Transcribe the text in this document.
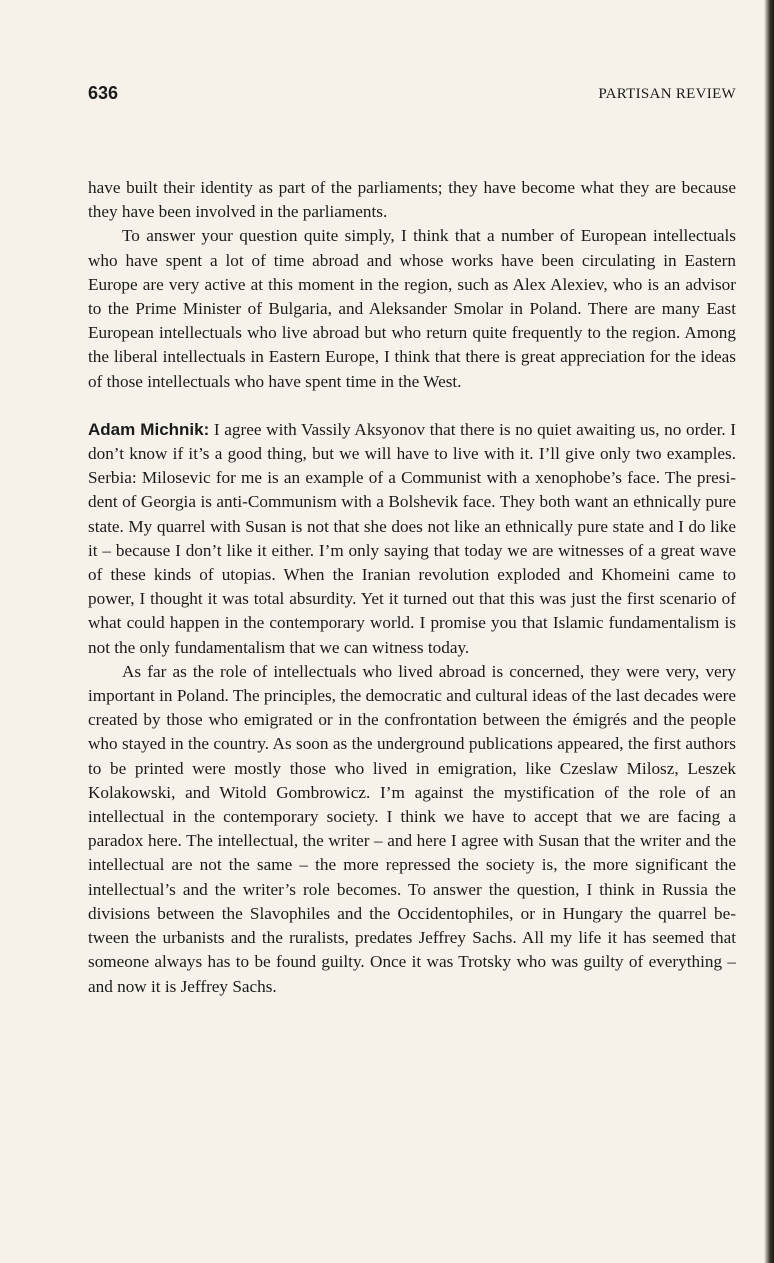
636	PARTISAN REVIEW

have built their identity as part of the parliaments; they have become what they are because they have been involved in the parliaments.

To answer your question quite simply, I think that a number of European intellectuals who have spent a lot of time abroad and whose works have been circulating in Eastern Europe are very active at this moment in the region, such as Alex Alexiev, who is an advisor to the Prime Minister of Bulgaria, and Aleksander Smolar in Poland. There are many East European intellectuals who live abroad but who return quite frequently to the region. Among the liberal intellectuals in Eastern Europe, I think that there is great appreciation for the ideas of those intellectuals who have spent time in the West.

Adam Michnik: I agree with Vassily Aksyonov that there is no quiet awaiting us, no order. I don’t know if it’s a good thing, but we will have to live with it. I’ll give only two examples. Serbia: Milosevic for me is an example of a Communist with a xenophobe’s face. The president of Georgia is anti-Communism with a Bolshevik face. They both want an ethnically pure state. My quarrel with Susan is not that she does not like an ethnically pure state and I do like it – because I don’t like it either. I’m only saying that today we are witnesses of a great wave of these kinds of utopias. When the Iranian revolution exploded and Khomeini came to power, I thought it was total absurdity. Yet it turned out that this was just the first scenario of what could happen in the contemporary world. I promise you that Islamic fundamentalism is not the only fundamentalism that we can witness today.

As far as the role of intellectuals who lived abroad is concerned, they were very, very important in Poland. The principles, the democratic and cultural ideas of the last decades were created by those who emigrated or in the confrontation between the émigrés and the people who stayed in the country. As soon as the underground publications appeared, the first authors to be printed were mostly those who lived in emigration, like Czeslaw Milosz, Leszek Kolakowski, and Witold Gombrowicz. I’m against the mystification of the role of an intellectual in the contemporary society. I think we have to accept that we are facing a paradox here. The intellectual, the writer – and here I agree with Susan that the writer and the intellectual are not the same – the more repressed the society is, the more significant the intellectual’s and the writer’s role becomes. To answer the question, I think in Russia the divisions between the Slavophiles and the Occidentophiles, or in Hungary the quarrel between the urbanists and the ruralists, predates Jeffrey Sachs. All my life it has seemed that someone always has to be found guilty. Once it was Trotsky who was guilty of everything – and now it is Jeffrey Sachs.
